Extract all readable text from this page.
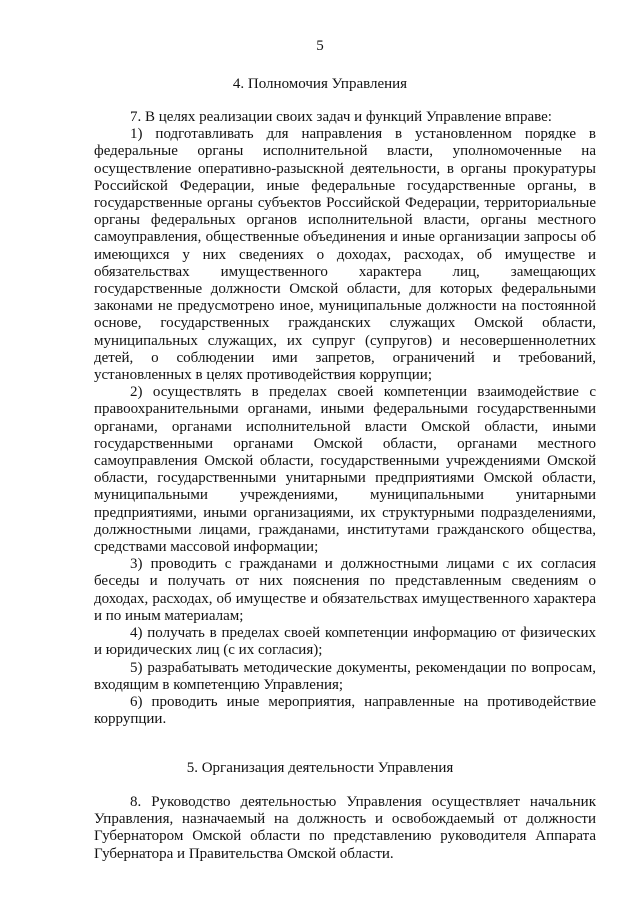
5
4. Полномочия Управления

7. В целях реализации своих задач и функций Управление вправе:

1) подготавливать для направления в установленном порядке в федеральные органы исполнительной власти, уполномоченные на осуществление оперативно-разыскной деятельности, в органы прокуратуры Российской Федерации, иные федеральные государственные органы, в государственные органы субъектов Российской Федерации, территориальные органы федеральных органов исполнительной власти, органы местного самоуправления, общественные объединения и иные организации запросы об имеющихся у них сведениях о доходах, расходах, об имуществе и обязательствах имущественного характера лиц, замещающих государственные должности Омской области, для которых федеральными законами не предусмотрено иное, муниципальные должности на постоянной основе, государственных гражданских служащих Омской области, муниципальных служащих, их супруг (супругов) и несовершеннолетних детей, о соблюдении ими запретов, ограничений и требований, установленных в целях противодействия коррупции;

2) осуществлять в пределах своей компетенции взаимодействие с правоохранительными органами, иными федеральными государственными органами, органами исполнительной власти Омской области, иными государственными органами Омской области, органами местного самоуправления Омской области, государственными учреждениями Омской области, государственными унитарными предприятиями Омской области, муниципальными учреждениями, муниципальными унитарными предприятиями, иными организациями, их структурными подразделениями, должностными лицами, гражданами, институтами гражданского общества, средствами массовой информации;

3) проводить с гражданами и должностными лицами с их согласия беседы и получать от них пояснения по представленным сведениям о доходах, расходах, об имуществе и обязательствах имущественного характера и по иным материалам;

4) получать в пределах своей компетенции информацию от физических и юридических лиц (с их согласия);

5) разрабатывать методические документы, рекомендации по вопросам, входящим в компетенцию Управления;

6) проводить иные мероприятия, направленные на противодействие коррупции.

5. Организация деятельности Управления

8. Руководство деятельностью Управления осуществляет начальник Управления, назначаемый на должность и освобождаемый от должности Губернатором Омской области по представлению руководителя Аппарата Губернатора и Правительства Омской области.
